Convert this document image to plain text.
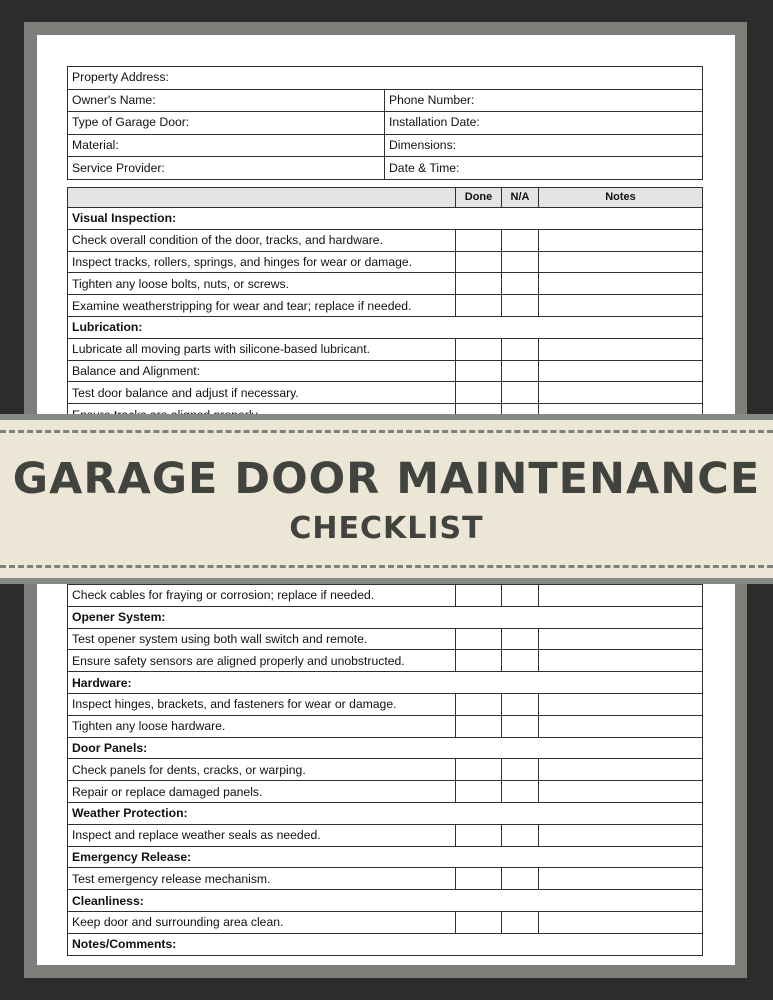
Property Address:	
Owner's Name:	Phone Number:
Type of Garage Door:	Installation Date:
Material:	Dimensions:
Service Provider:	Date & Time:
	Done	N/A	Notes
Visual Inspection:			
Check overall condition of the door, tracks, and hardware.			
Inspect tracks, rollers, springs, and hinges for wear or damage.			
Tighten any loose bolts, nuts, or screws.			
Examine weatherstripping for wear and tear; replace if needed.			
Lubrication:			
Lubricate all moving parts with silicone-based lubricant.			
Balance and Alignment:			
Test door balance and adjust if necessary.			

Check cables for fraying or corrosion; replace if needed.			
Opener System:			
Test opener system using both wall switch and remote.			
Ensure safety sensors are aligned properly and unobstructed.			
Hardware:			
Inspect hinges, brackets, and fasteners for wear or damage.			
Tighten any loose hardware.			
Door Panels:			
Check panels for dents, cracks, or warping.			
Repair or replace damaged panels.			
Weather Protection:			
Inspect and replace weather seals as needed.			
Emergency Release:			
Test emergency release mechanism.			
Cleanliness:			
Keep door and surrounding area clean.			
Notes/Comments:			
GARAGE DOOR MAINTENANCE
CHECKLIST
